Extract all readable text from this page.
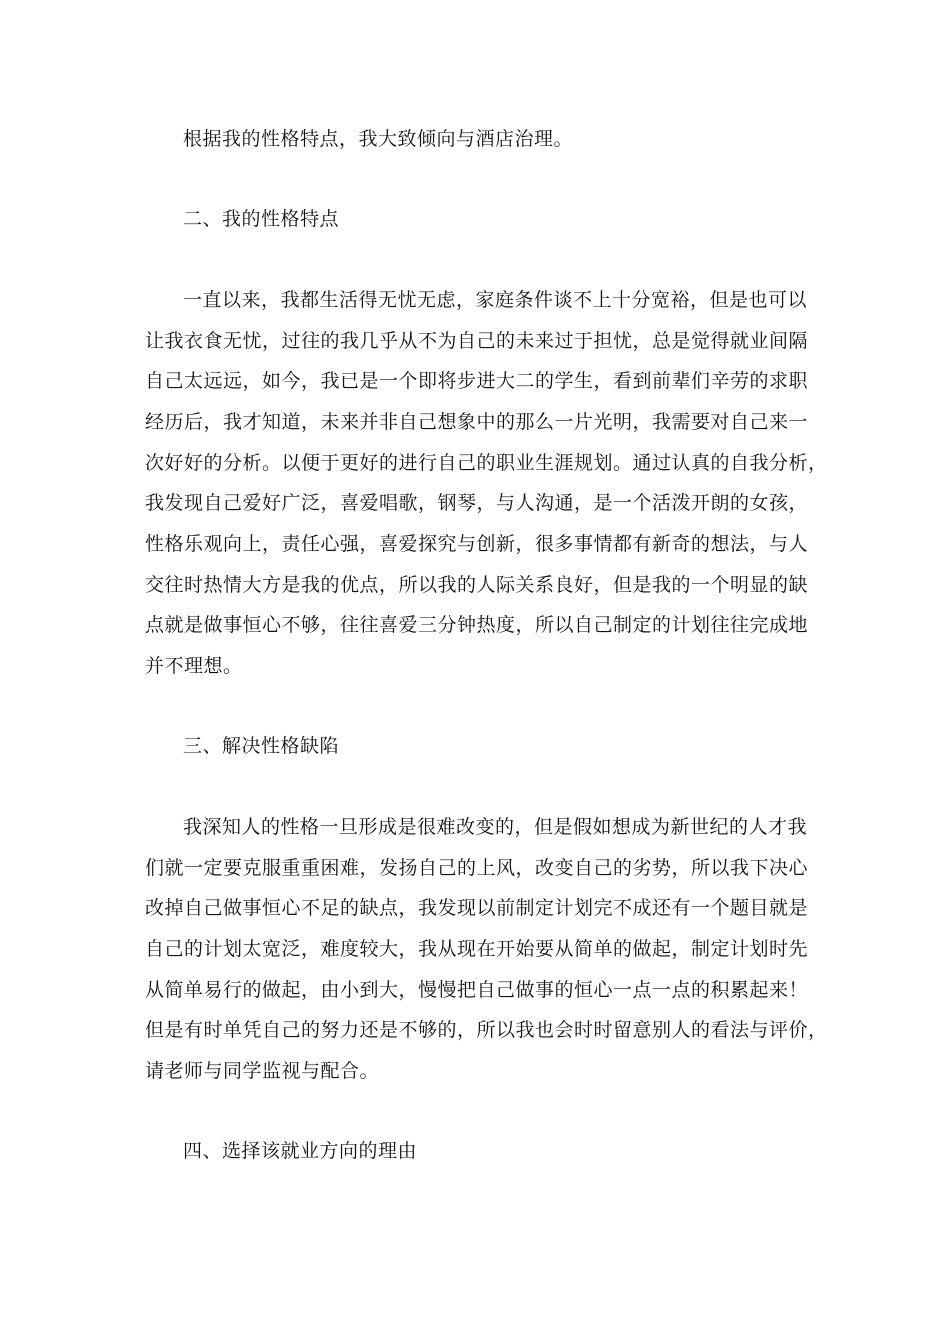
根据我的性格特点，我大致倾向与酒店治理。
二、我的性格特点
一直以来，我都生活得无忧无虑，家庭条件谈不上十分宽裕，但是也可以
让我衣食无忧，过往的我几乎从不为自己的未来过于担忧，总是觉得就业间隔
自己太远远，如今，我已是一个即将步进大二的学生，看到前辈们辛劳的求职
经历后，我才知道，未来并非自己想象中的那么一片光明，我需要对自己来一
次好好的分析。以便于更好的进行自己的职业生涯规划。通过认真的自我分析，
我发现自己爱好广泛，喜爱唱歌，钢琴，与人沟通，是一个活泼开朗的女孩，
性格乐观向上，责任心强，喜爱探究与创新，很多事情都有新奇的想法，与人
交往时热情大方是我的优点，所以我的人际关系良好，但是我的一个明显的缺
点就是做事恒心不够，往往喜爱三分钟热度，所以自己制定的计划往往完成地
并不理想。
三、解决性格缺陷
我深知人的性格一旦形成是很难改变的，但是假如想成为新世纪的人才我
们就一定要克服重重困难，发扬自己的上风，改变自己的劣势，所以我下决心
改掉自己做事恒心不足的缺点，我发现以前制定计划完不成还有一个题目就是
自己的计划太宽泛，难度较大，我从现在开始要从简单的做起，制定计划时先
从简单易行的做起，由小到大，慢慢把自己做事的恒心一点一点的积累起来！
但是有时单凭自己的努力还是不够的，所以我也会时时留意别人的看法与评价，
请老师与同学监视与配合。
四、选择该就业方向的理由
